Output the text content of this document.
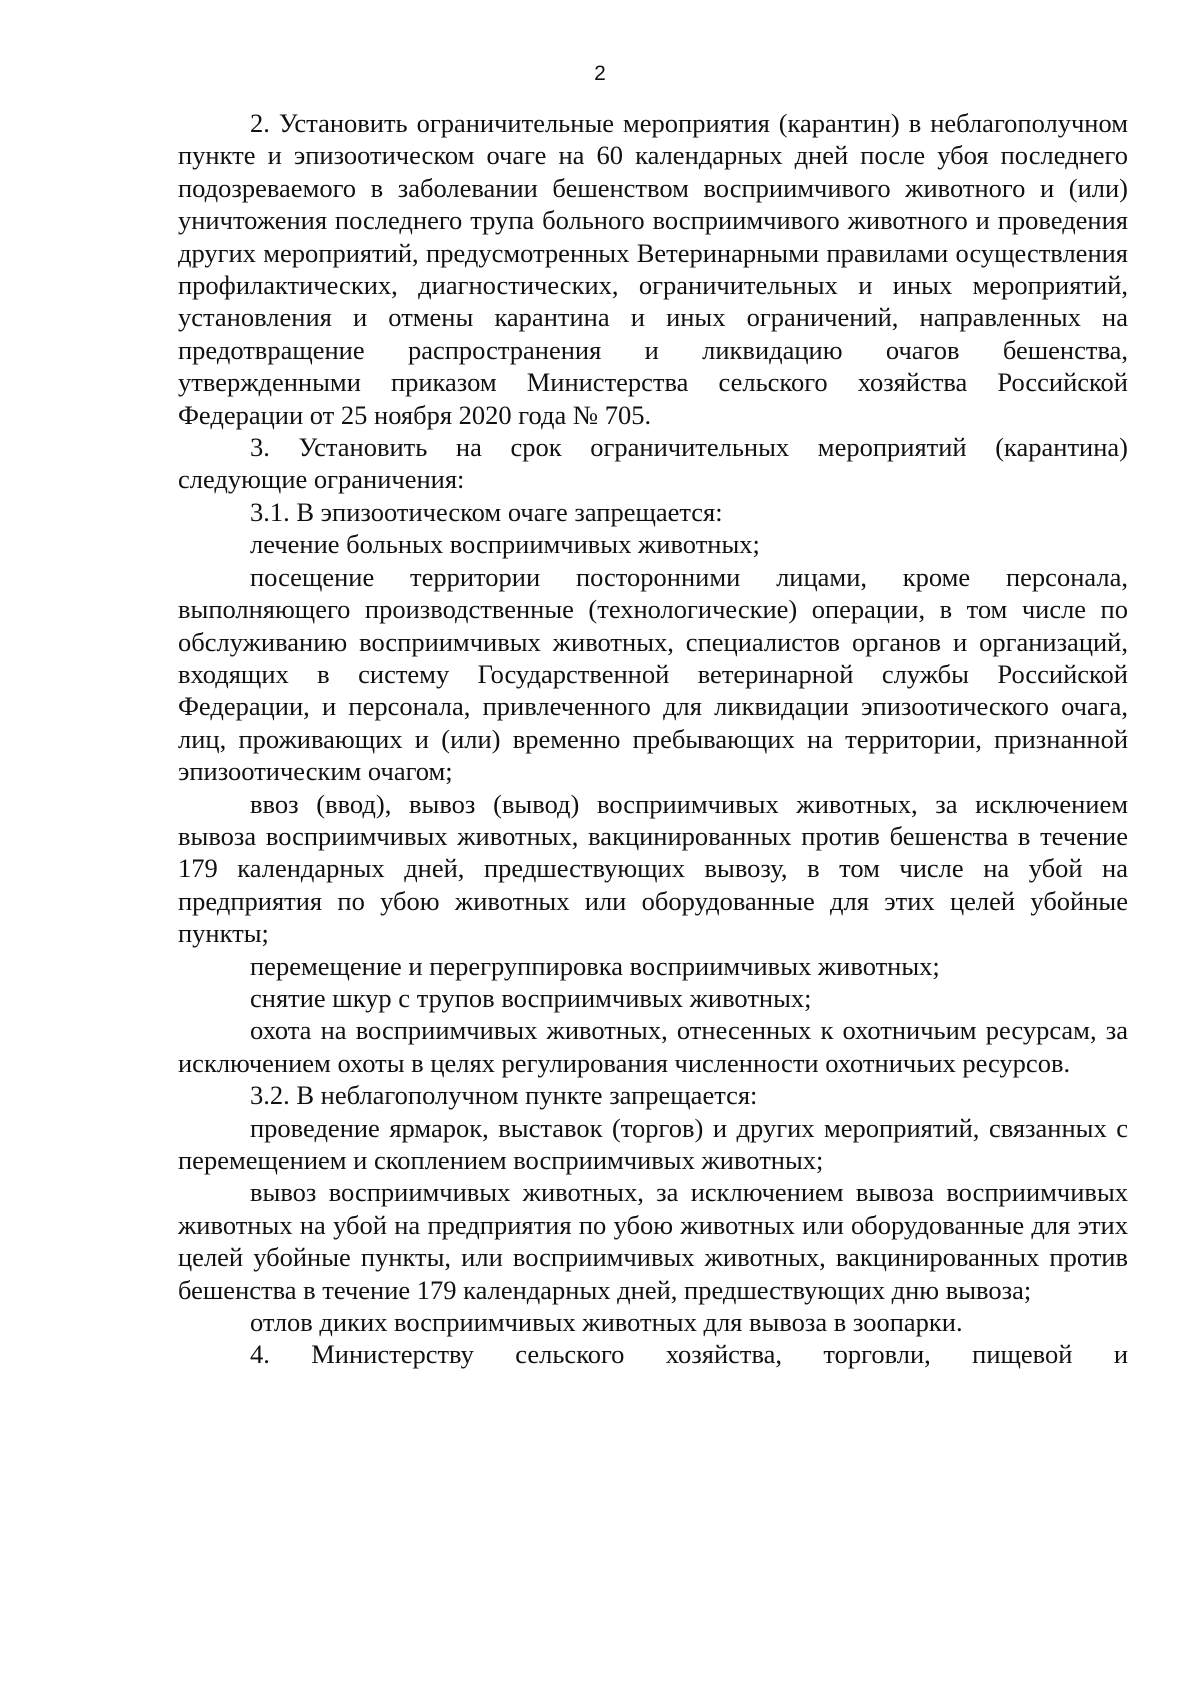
2

2. Установить ограничительные мероприятия (карантин) в неблагополучном пункте и эпизоотическом очаге на 60 календарных дней после убоя последнего подозреваемого в заболевании бешенством восприимчивого животного и (или) уничтожения последнего трупа больного восприимчивого животного и проведения других мероприятий, предусмотренных Ветеринарными правилами осуществления профилактических, диагностических, ограничительных и иных мероприятий, установления и отмены карантина и иных ограничений, направленных на предотвращение распространения и ликвидацию очагов бешенства, утвержденными приказом Министерства сельского хозяйства Российской Федерации от 25 ноября 2020 года № 705.

3. Установить на срок ограничительных мероприятий (карантина) следующие ограничения:

3.1. В эпизоотическом очаге запрещается:

лечение больных восприимчивых животных;

посещение территории посторонними лицами, кроме персонала, выполняющего производственные (технологические) операции, в том числе по обслуживанию восприимчивых животных, специалистов органов и организаций, входящих в систему Государственной ветеринарной службы Российской Федерации, и персонала, привлеченного для ликвидации эпизоотического очага, лиц, проживающих и (или) временно пребывающих на территории, признанной эпизоотическим очагом;

ввоз (ввод), вывоз (вывод) восприимчивых животных, за исключением вывоза восприимчивых животных, вакцинированных против бешенства в течение 179 календарных дней, предшествующих вывозу, в том числе на убой на предприятия по убою животных или оборудованные для этих целей убойные пункты;

перемещение и перегруппировка восприимчивых животных;

снятие шкур с трупов восприимчивых животных;

охота на восприимчивых животных, отнесенных к охотничьим ресурсам, за исключением охоты в целях регулирования численности охотничьих ресурсов.

3.2. В неблагополучном пункте запрещается:

проведение ярмарок, выставок (торгов) и других мероприятий, связанных с перемещением и скоплением восприимчивых животных;

вывоз восприимчивых животных, за исключением вывоза восприимчивых животных на убой на предприятия по убою животных или оборудованные для этих целей убойные пункты, или восприимчивых животных, вакцинированных против бешенства в течение 179 календарных дней, предшествующих дню вывоза;

отлов диких восприимчивых животных для вывоза в зоопарки.

4. Министерству сельского хозяйства, торговли, пищевой и
